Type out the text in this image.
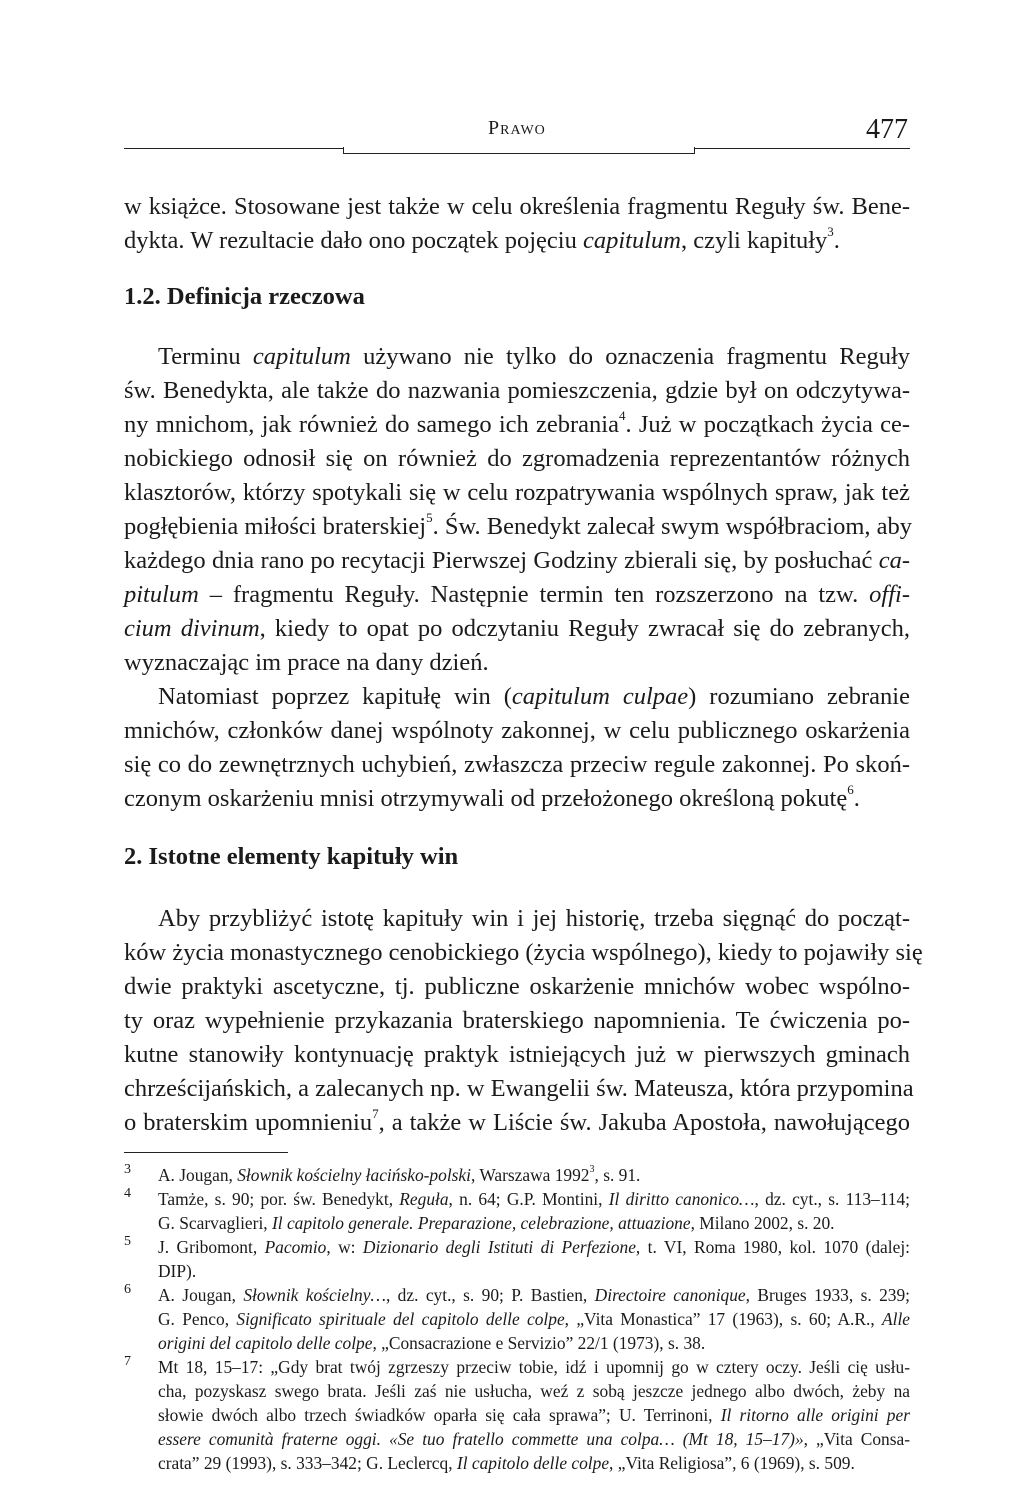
Prawo	477
w książce. Stosowane jest także w celu określenia fragmentu Reguły św. Bene-
dykta. W rezultacie dało ono początek pojęciu capitulum, czyli kapituły$^3$.
1.2. Definicja rzeczowa
Terminu capitulum używano nie tylko do oznaczenia fragmentu Reguły
św. Benedykta, ale także do nazwania pomieszczenia, gdzie był on odczytywa-
ny mnichom, jak również do samego ich zebrania$^4$. Już w początkach życia ce-
nobickiego odnosił się on również do zgromadzenia reprezentantów różnych
klasztorów, którzy spotykali się w celu rozpatrywania wspólnych spraw, jak też
pogłębienia miłości braterskiej$^5$. Św. Benedykt zalecał swym współbraciom, aby
każdego dnia rano po recytacji Pierwszej Godziny zbierali się, by posłuchać ca-
pitulum – fragmentu Reguły. Następnie termin ten rozszerzono na tzw. offi-
cium divinum, kiedy to opat po odczytaniu Reguły zwracał się do zebranych,
wyznaczając im prace na dany dzień.
Natomiast poprzez kapitułę win (capitulum culpae) rozumiano zebranie
mnichów, członków danej wspólnoty zakonnej, w celu publicznego oskarżenia
się co do zewnętrznych uchybień, zwłaszcza przeciw regule zakonnej. Po skoń-
czonym oskarżeniu mnisi otrzymywali od przełożonego określoną pokutę$^6$.
2. Istotne elementy kapituły win
Aby przybliżyć istotę kapituły win i jej historię, trzeba sięgnąć do począt-
ków życia monastycznego cenobickiego (życia wspólnego), kiedy to pojawiły się
dwie praktyki ascetyczne, tj. publiczne oskarżenie mnichów wobec wspólno-
ty oraz wypełnienie przykazania braterskiego napomnienia. Te ćwiczenia po-
kutne stanowiły kontynuację praktyk istniejących już w pierwszych gminach
chrześcijańskich, a zalecanych np. w Ewangelii św. Mateusza, która przypomina
o braterskim upomnieniu$^7$, a także w Liście św. Jakuba Apostoła, nawołującego
3 A. Jougan, Słownik kościelny łacińsko-polski, Warszawa 1992$^3$, s. 91.
4 Tamże, s. 90; por. św. Benedykt, Reguła, n. 64; G.P. Montini, Il diritto canonico…, dz. cyt., s. 113–114;
G. Scarvaglieri, Il capitolo generale. Preparazione, celebrazione, attuazione, Milano 2002, s. 20.
5 J. Gribomont, Pacomio, w: Dizionario degli Istituti di Perfezione, t. VI, Roma 1980, kol. 1070 (dalej:
DIP).
6 A. Jougan, Słownik kościelny…, dz. cyt., s. 90; P. Bastien, Directoire canonique, Bruges 1933, s. 239;
G. Penco, Significato spirituale del capitolo delle colpe, „Vita Monastica” 17 (1963), s. 60; A.R., Alle
origini del capitolo delle colpe, „Consacrazione e Servizio” 22/1 (1973), s. 38.
7 Mt 18, 15–17: „Gdy brat twój zgrzeszy przeciw tobie, idź i upomnij go w cztery oczy. Jeśli cię usłu-
cha, pozyskasz swego brata. Jeśli zaś nie usłucha, weź z sobą jeszcze jednego albo dwóch, żeby na
słowie dwóch albo trzech świadków oparła się cała sprawa”; U. Terrinoni, Il ritorno alle origini per
essere comunità fraterne oggi. «Se tuo fratello commette una colpa… (Mt 18, 15–17)», „Vita Consa-
crata” 29 (1993), s. 333–342; G. Leclercq, Il capitolo delle colpe, „Vita Religiosa”, 6 (1969), s. 509.
